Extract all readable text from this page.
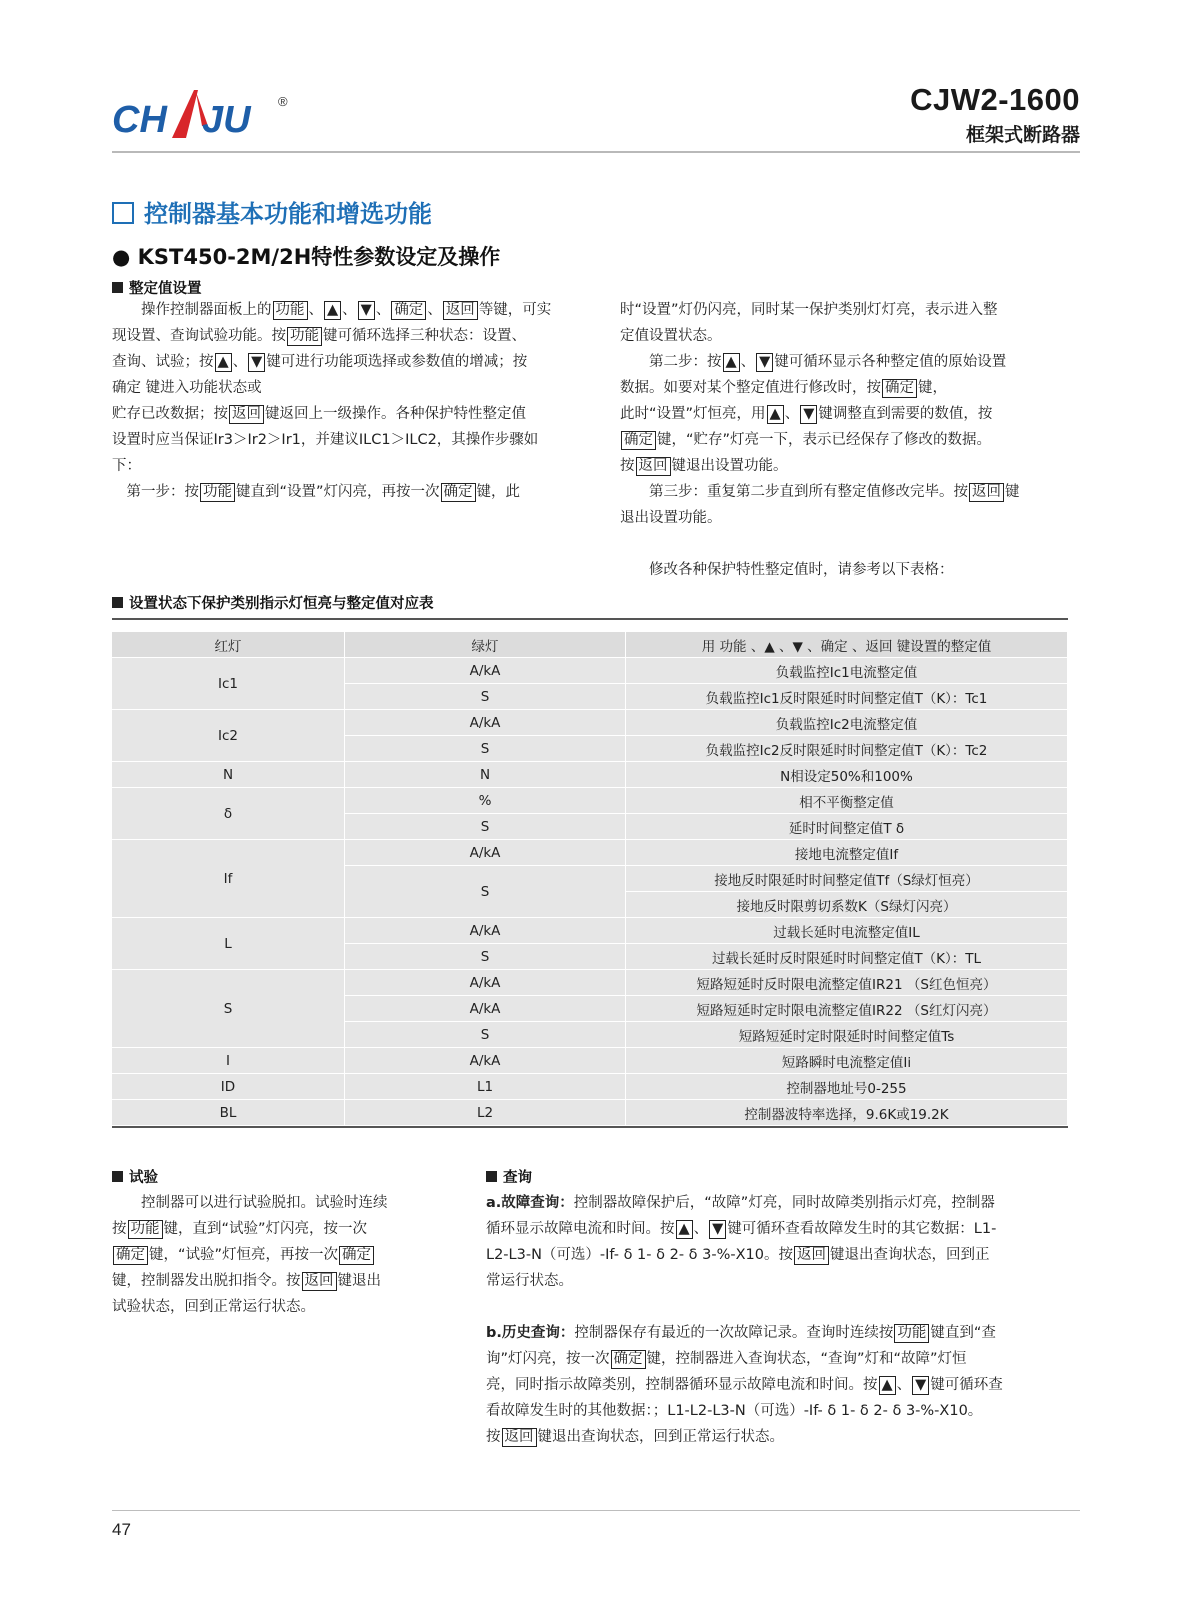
CH JU ®	CJW2-1600
框架式断路器
控制器基本功能和增选功能
● KST450-2M/2H特性参数设定及操作
整定值设置

　　操作控制器面板上的 功能 、 ▲ 、 ▼ 、 确定 、 返回 等键，可实

现设置、查询试验功能。按 功能 键可循环选择三种状态：设置、

查询、试验；按 ▲ 、 ▼ 键可进行功能项选择或参数值的增减；按

确定 键进入功能状态或

贮存已改数据；按 返回 键返回上一级操作。各种保护特性整定值

设置时应当保证Ir3＞Ir2＞Ir1，并建议ILC1＞ILC2，其操作步骤如

下：

　第一步：按 功能 键直到“设置”灯闪亮，再按一次 确定 键，此

时“设置”灯仍闪亮，同时某一保护类别灯灯亮，表示进入整

定值设置状态。

　　第二步：按 ▲ 、 ▼ 键可循环显示各种整定值的原始设置

数据。如要对某个整定值进行修改时，按 确定 键，

此时“设置”灯恒亮，用 ▲ 、 ▼ 键调整直到需要的数值，按

确定 键，“贮存”灯亮一下，表示已经保存了修改的数据。

按 返回 键退出设置功能。

　　第三步：重复第二步直到所有整定值修改完毕。按 返回 键

退出设置功能。

　　修改各种保护特性整定值时，请参考以下表格：

设置状态下保护类别指示灯恒亮与整定值对应表
红灯	绿灯	用 功能 、▲ 、▼ 、确定 、返回 键设置的整定值
Ic1	A/kA	负载监控Ic1电流整定值
	S	负载监控Ic1反时限延时时间整定值T（K）：Tc1
Ic2	A/kA	负载监控Ic2电流整定值
	S	负载监控Ic2反时限延时时间整定值T（K）：Tc2
N	N	N相设定50%和100%
δ	%	相不平衡整定值
	S	延时时间整定值T δ
If	A/kA	接地电流整定值If
	S	接地反时限延时时间整定值Tf（S绿灯恒亮）
		接地反时限剪切系数K（S绿灯闪亮）
L	A/kA	过载长延时电流整定值IL
	S	过载长延时反时限延时时间整定值T（K）：TL
S	A/kA	短路短延时反时限电流整定值IR21 （S红色恒亮）
	A/kA	短路短延时定时限电流整定值IR22 （S红灯闪亮）
	S	短路短延时定时限延时时间整定值Ts
I	A/kA	短路瞬时电流整定值Ii
ID	L1	控制器地址号0-255
BL	L2	控制器波特率选择，9.6K或19.2K
试验

　　控制器可以进行试验脱扣。试验时连续

按 功能 键，直到“试验”灯闪亮，按一次

确定 键，“试验”灯恒亮，再按一次 确定

键，控制器发出脱扣指令。按 返回 键退出

试验状态，回到正常运行状态。

查询

a.故障查询：控制器故障保护后，“故障”灯亮，同时故障类别指示灯亮，控制器

循环显示故障电流和时间。按 ▲ 、 ▼ 键可循环查看故障发生时的其它数据：L1-

L2-L3-N（可选）-If- δ 1- δ 2- δ 3-%-X10。按 返回 键退出查询状态，回到正

常运行状态。

b.历史查询：控制器保存有最近的一次故障记录。查询时连续按 功能 键直到“查

询”灯闪亮，按一次 确定 键，控制器进入查询状态，“查询”灯和“故障”灯恒

亮，同时指示故障类别，控制器循环显示故障电流和时间。按 ▲ 、 ▼ 键可循环查

看故障发生时的其他数据：；L1-L2-L3-N（可选）-If- δ 1- δ 2- δ 3-%-X10。

按 返回 键退出查询状态，回到正常运行状态。

47
